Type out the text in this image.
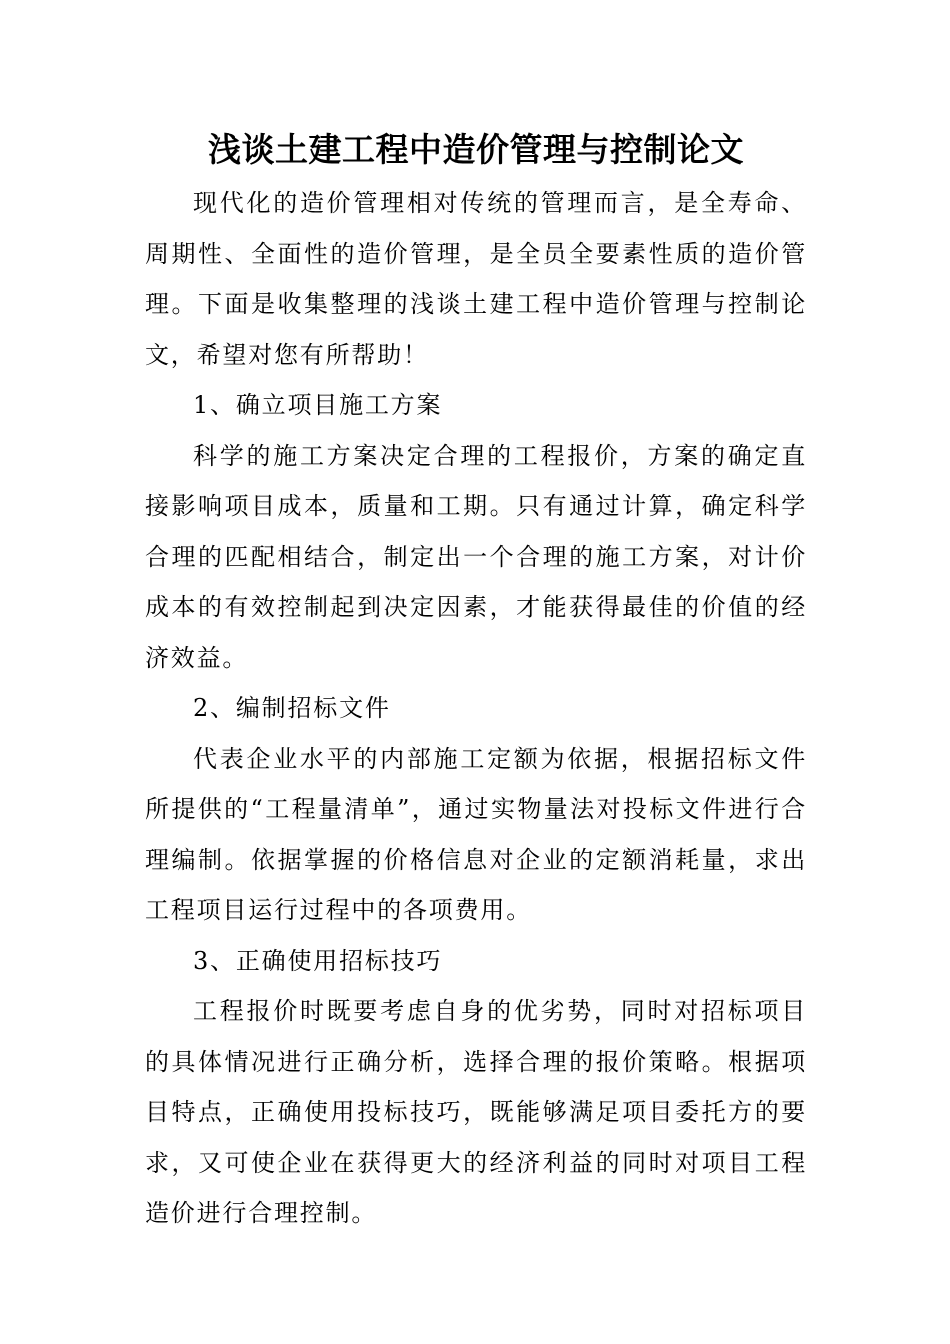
浅谈土建工程中造价管理与控制论文

现代化的造价管理相对传统的管理而言，是全寿命、周期性、全面性的造价管理，是全员全要素性质的造价管理。下面是收集整理的浅谈土建工程中造价管理与控制论文，希望对您有所帮助！

1、确立项目施工方案

科学的施工方案决定合理的工程报价，方案的确定直接影响项目成本，质量和工期。只有通过计算，确定科学合理的匹配相结合，制定出一个合理的施工方案，对计价成本的有效控制起到决定因素，才能获得最佳的价值的经济效益。

2、编制招标文件

代表企业水平的内部施工定额为依据，根据招标文件所提供的“工程量清单”，通过实物量法对投标文件进行合理编制。依据掌握的价格信息对企业的定额消耗量，求出工程项目运行过程中的各项费用。

3、正确使用招标技巧

工程报价时既要考虑自身的优劣势，同时对招标项目的具体情况进行正确分析，选择合理的报价策略。根据项目特点，正确使用投标技巧，既能够满足项目委托方的要求，又可使企业在获得更大的经济利益的同时对项目工程造价进行合理控制。
